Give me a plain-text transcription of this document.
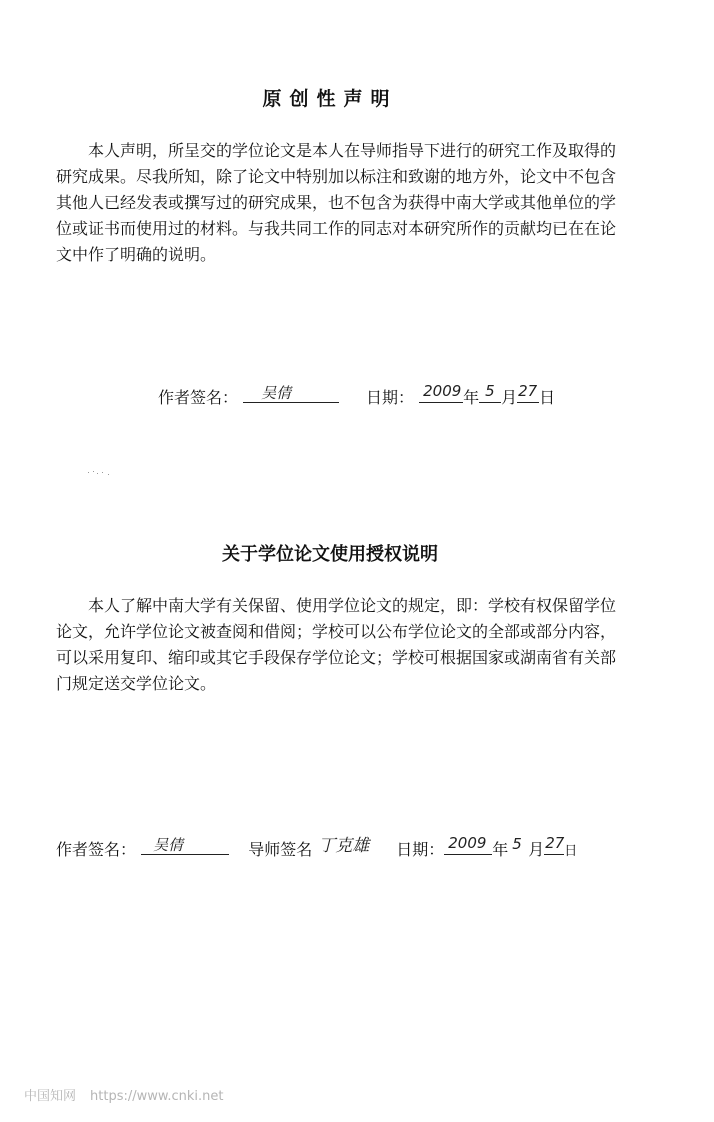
原创性声明
　　本人声明，所呈交的学位论文是本人在导师指导下进行的研究工作及取得的研究成果。尽我所知，除了论文中特别加以标注和致谢的地方外，论文中不包含其他人已经发表或撰写过的研究成果，也不包含为获得中南大学或其他单位的学位或证书而使用过的材料。与我共同工作的同志对本研究所作的贡献均已在在论文中作了明确的说明。
作者签名： 吴倩	日期： 2009 年 5 月 27 日
关于学位论文使用授权说明
　　本人了解中南大学有关保留、使用学位论文的规定，即：学校有权保留学位论文，允许学位论文被查阅和借阅；学校可以公布学位论文的全部或部分内容，可以采用复印、缩印或其它手段保存学位论文；学校可根据国家或湖南省有关部门规定送交学位论文。
作者签名： 吴倩	导师签名 丁克雄 日期： 2009 年 5 月 27 日
中国知网 https://www.cnki.net
